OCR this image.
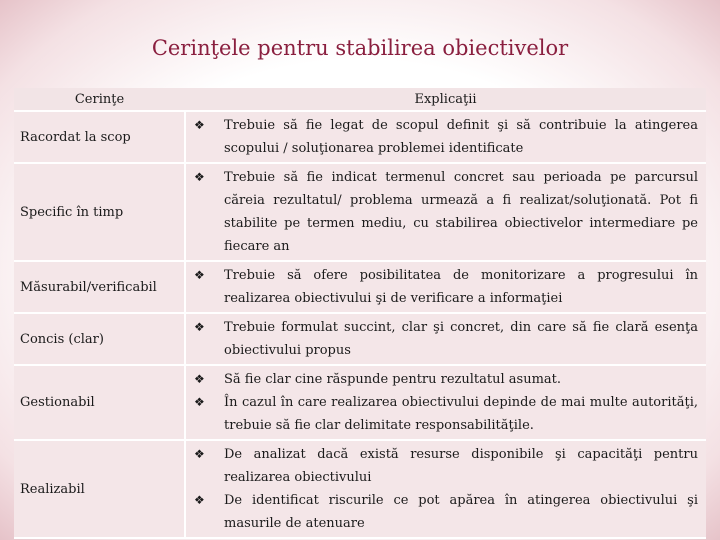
Cerinţele pentru stabilirea obiectivelor
Cerinţe	Explicaţii
Racordat la scop	❖ Trebuie să fie legat de scopul definit şi să contribuie la atingerea scopului / soluţionarea problemei identificate

Specific în timp	❖ Trebuie să fie indicat termenul concret sau perioada pe parcursul căreia rezultatul/ problema urmează a fi realizat/soluţionată. Pot fi stabilite pe termen mediu, cu stabilirea obiectivelor intermediare pe fiecare an

Măsurabil/verificabil	❖ Trebuie să ofere posibilitatea de monitorizare a progresului în realizarea obiectivului şi de verificare a informaţiei

Concis (clar)	❖ Trebuie formulat succint, clar şi concret, din care să fie clară esenţa obiectivului propus

Gestionabil	❖ Să fie clar cine răspunde pentru rezultatul asumat.
❖ În cazul în care realizarea obiectivului depinde de mai multe autorităţi, trebuie să fie clar delimitate responsabilităţile.

Realizabil	❖ De analizat dacă există resurse disponibile şi capacităţi pentru realizarea obiectivului
❖ De identificat riscurile ce pot apărea în atingerea obiectivului şi masurile de atenuare
